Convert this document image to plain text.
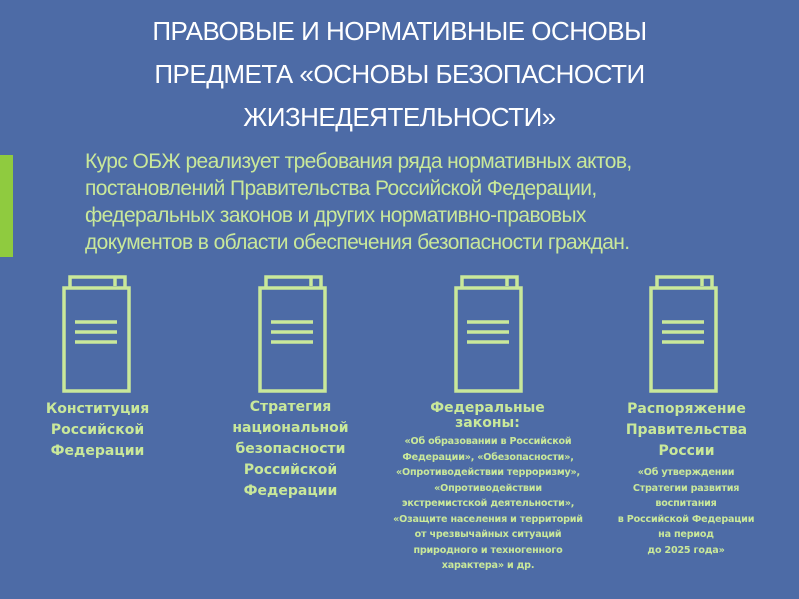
ПРАВОВЫЕ И НОРМАТИВНЫЕ ОСНОВЫ
ПРЕДМЕТА «ОСНОВЫ БЕЗОПАСНОСТИ
ЖИЗНЕДЕЯТЕЛЬНОСТИ»
Курс ОБЖ реализует требования ряда нормативных актов,
постановлений Правительства Российской Федерации,
федеральных законов и других нормативно-правовых
документов в области обеспечения безопасности граждан.
Конституция
Российской
Федерации
Стратегия
национальной
безопасности
Российской
Федерации
Федеральные
законы:
«Об образовании в Российской
Федерации», «Обезопасности»,
«Опротиводействии терроризму»,
«Опротиводействии
экстремистской деятельности»,
«Озащите населения и территорий
от чрезвычайных ситуаций
природного и техногенного
характера» и др.
Распоряжение
Правительства
России
«Об утверждении
Стратегии развития
воспитания
в Российской Федерации
на период
до 2025 года»
